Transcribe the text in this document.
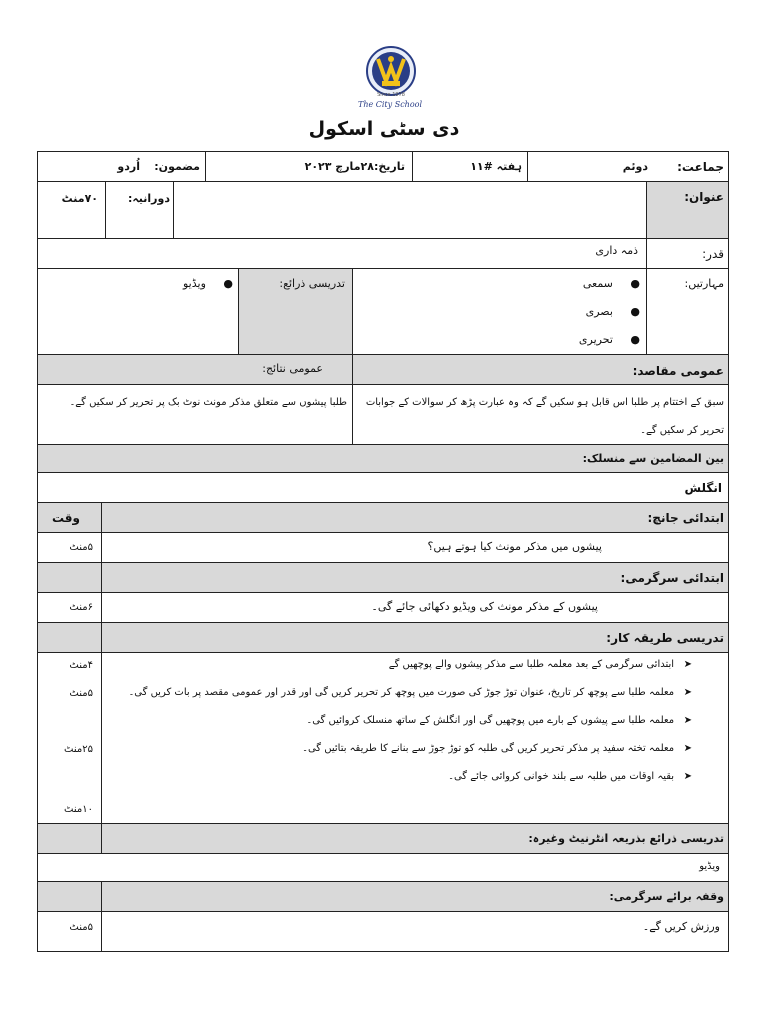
Since 1978
The City School
دی سٹی اسکول
جماعت:
دوئم
ہفتہ #۱۱
تاریخ:۲۸مارچ ۲۰۲۳
مضمون:
اُردو
عنوان:
دورانیہ:
۷۰منٹ
قدر:
ذمہ داری
مہارتیں:
●     سمعی
●     بصری
●     تحریری
تدریسی ذرائع:
●     ویڈیو
عمومی مقاصد:
عمومی نتائج:
سبق کے اختتام پر طلبا اس قابل ہو سکیں گے کہ وہ عبارت پڑھ کر سوالات کے جوابات
تحریر کر سکیں گے۔
طلبا پیشوں سے متعلق مذکر مونث نوٹ بک پر تحریر کر سکیں گے۔
بین المضامین سے منسلک:
انگلش
ابتدائی جانچ:
وقت
پیشوں میں مذکر مونث کیا ہوتے ہیں؟
۵منٹ
ابتدائی سرگرمی:
پیشوں کے مذکر مونث کی ویڈیو دکھائی جائے گی۔
۶منٹ
تدریسی طریقہ کار:
➤   ابتدائی سرگرمی کے بعد معلمہ طلبا سے مذکر پیشوں والے پوچھیں گے
➤   معلمہ طلبا سے پوچھ کر تاریخ، عنوان توڑ جوڑ کی صورت میں پوچھ کر تحریر کریں گی اور قدر اور عمومی مقصد پر بات کریں گی۔
➤   معلمہ طلبا سے پیشوں کے بارے میں پوچھیں گی اور انگلش کے ساتھ منسلک کروائیں گی۔
➤   معلمہ تختہ سفید پر مذکر تحریر کریں گی طلبہ کو توڑ جوڑ سے بنانے کا طریقہ بتائیں گی۔
➤   بقیہ اوقات میں طلبہ سے بلند خوانی کروائی جائے گی۔
۴منٹ
۵منٹ
۲۵منٹ
۱۰منٹ
تدریسی ذرائع بذریعہ انٹرنیٹ وغیرہ:
ویڈیو
وقفہ برائے سرگرمی:
ورزش کریں گے۔
۵منٹ
